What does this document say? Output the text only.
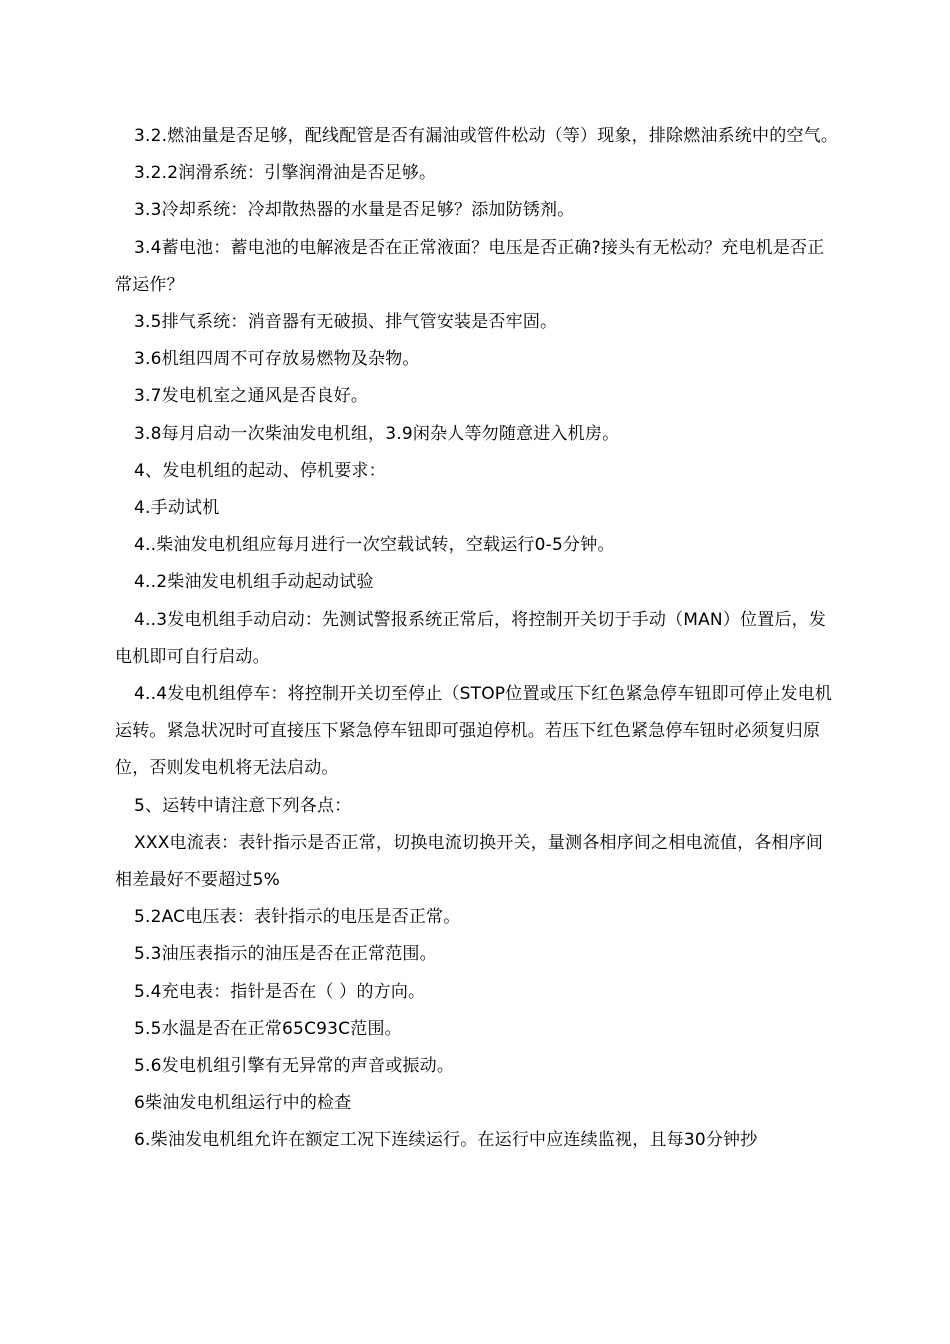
3.2.燃油量是否足够，配线配管是否有漏油或管件松动（等）现象，排除燃油系统中的空气。

3.2.2润滑系统：引擎润滑油是否足够。

3.3冷却系统：冷却散热器的水量是否足够？添加防锈剂。

3.4蓄电池：蓄电池的电解液是否在正常液面？电压是否正确?接头有无松动？充电机是否正常运作？

3.5排气系统：消音器有无破损、排气管安装是否牢固。

3.6机组四周不可存放易燃物及杂物。

3.7发电机室之通风是否良好。

3.8每月启动一次柴油发电机组，3.9闲杂人等勿随意进入机房。

4、发电机组的起动、停机要求：

4.手动试机

4..柴油发电机组应每月进行一次空载试转，空载运行0-5分钟。

4..2柴油发电机组手动起动试验

4..3发电机组手动启动：先测试警报系统正常后，将控制开关切于手动（MAN）位置后，发电机即可自行启动。

4..4发电机组停车：将控制开关切至停止（STOP位置或压下红色紧急停车钮即可停止发电机运转。紧急状况时可直接压下紧急停车钮即可强迫停机。若压下红色紧急停车钮时必须复归原位，否则发电机将无法启动。

5、运转中请注意下列各点：

XXX电流表：表针指示是否正常，切换电流切换开关，量测各相序间之相电流值，各相序间相差最好不要超过5%

5.2AC电压表：表针指示的电压是否正常。

5.3油压表指示的油压是否在正常范围。

5.4充电表：指针是否在（ ）的方向。

5.5水温是否在正常65C93C范围。

5.6发电机组引擎有无异常的声音或振动。

6柴油发电机组运行中的检查

6.柴油发电机组允许在额定工况下连续运行。在运行中应连续监视，且每30分钟抄
